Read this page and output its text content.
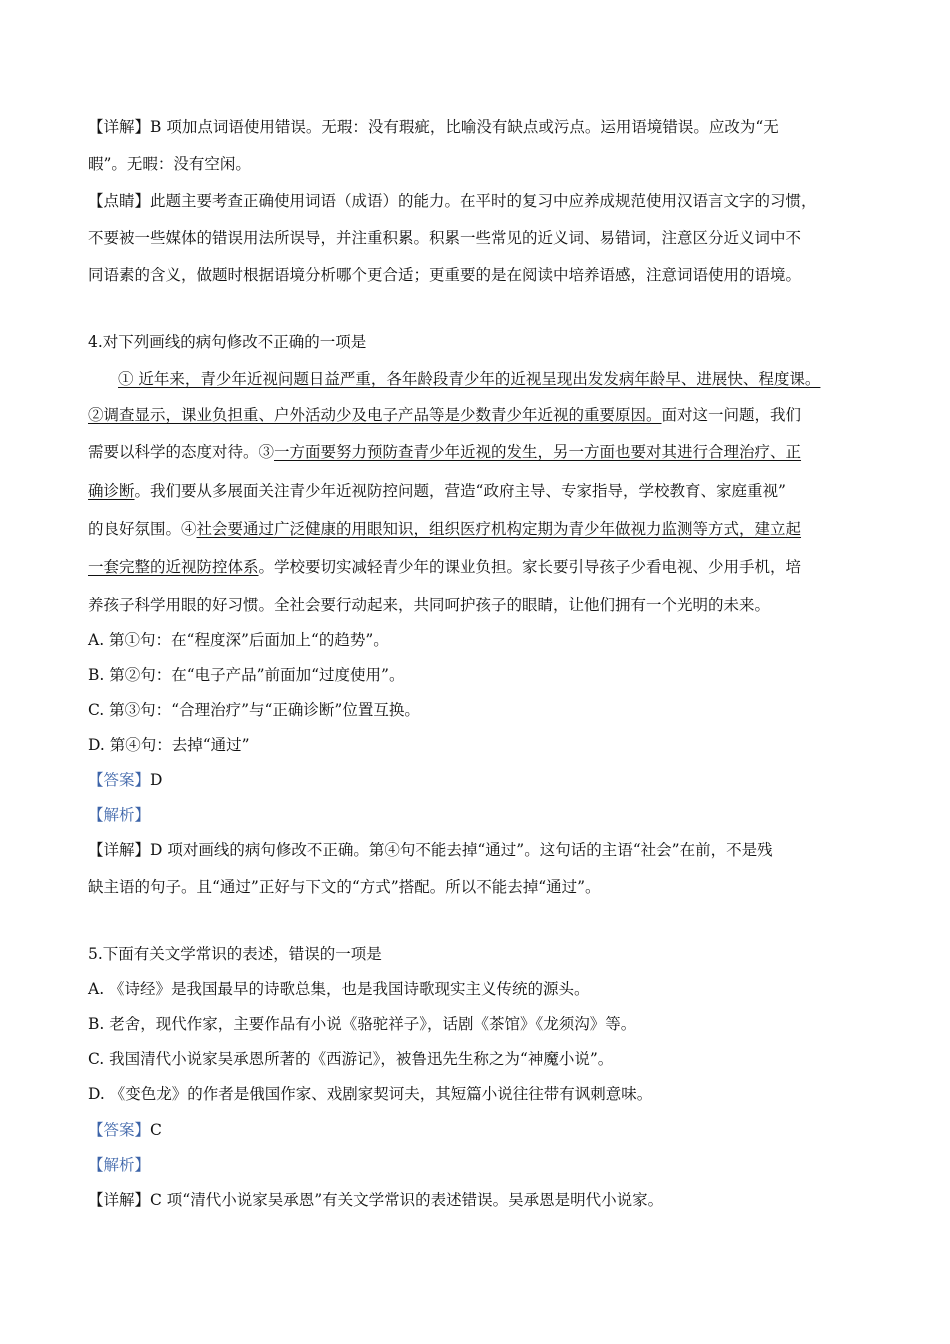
【详解】B 项加点词语使用错误。无瑕：没有瑕疵，比喻没有缺点或污点。运用语境错误。应改为“无
暇”。无暇：没有空闲。
【点睛】此题主要考查正确使用词语（成语）的能力。在平时的复习中应养成规范使用汉语言文字的习惯，
不要被一些媒体的错误用法所误导，并注重积累。积累一些常见的近义词、易错词，注意区分近义词中不
同语素的含义，做题时根据语境分析哪个更合适；更重要的是在阅读中培养语感，注意词语使用的语境。
4.对下列画线的病句修改不正确的一项是
① 近年来，青少年近视问题日益严重，各年龄段青少年的近视呈现出发发病年龄早、进展快、程度课。
②调查显示，课业负担重、户外活动少及电子产品等是少数青少年近视的重要原因。面对这一问题，我们
需要以科学的态度对待。③一方面要努力预防查青少年近视的发生，另一方面也要对其进行合理治疗、正
确诊断。我们要从多展面关注青少年近视防控问题，营造“政府主导、专家指导，学校教育、家庭重视”
的良好氛围。④社会要通过广泛健康的用眼知识，组织医疗机构定期为青少年做视力监测等方式，建立起
一套完整的近视防控体系。学校要切实减轻青少年的课业负担。家长要引导孩子少看电视、少用手机，培
养孩子科学用眼的好习惯。全社会要行动起来，共同呵护孩子的眼睛，让他们拥有一个光明的未来。
A. 第①句：在“程度深”后面加上“的趋势”。
B. 第②句：在“电子产品”前面加“过度使用”。
C. 第③句：“合理治疗”与“正确诊断”位置互换。
D. 第④句：去掉“通过”
【答案】D
【解析】
【详解】D 项对画线的病句修改不正确。第④句不能去掉“通过”。这句话的主语“社会”在前，不是残
缺主语的句子。且“通过”正好与下文的“方式”搭配。所以不能去掉“通过”。
5.下面有关文学常识的表述，错误的一项是
A. 《诗经》是我国最早的诗歌总集，也是我国诗歌现实主义传统的源头。
B. 老舍，现代作家，主要作品有小说《骆驼祥子》，话剧《茶馆》《龙须沟》等。
C. 我国清代小说家吴承恩所著的《西游记》，被鲁迅先生称之为“神魔小说”。
D. 《变色龙》的作者是俄国作家、戏剧家契诃夫，其短篇小说往往带有讽刺意味。
【答案】C
【解析】
【详解】C 项“清代小说家吴承恩”有关文学常识的表述错误。吴承恩是明代小说家。
